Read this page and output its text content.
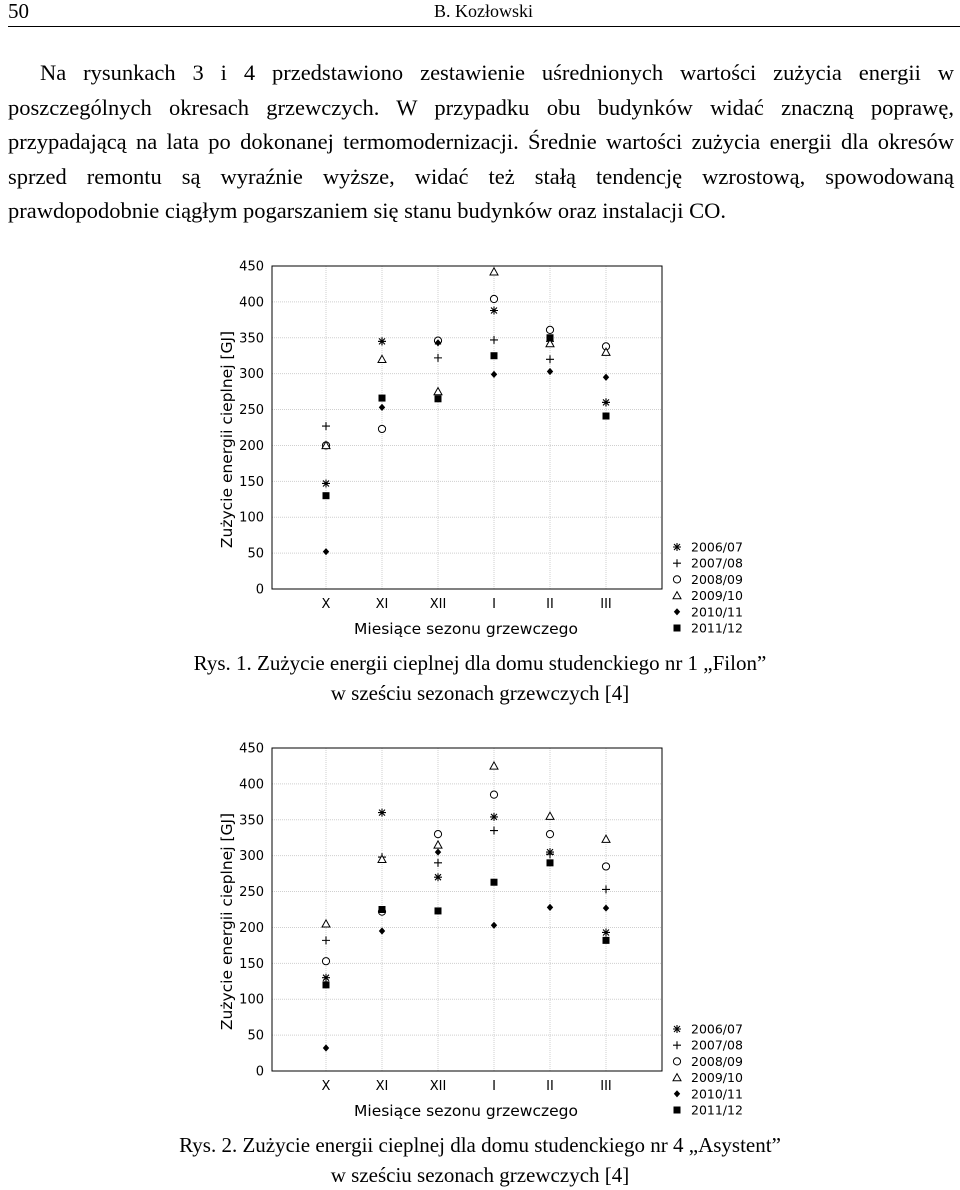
50	B. Kozłowski

Na rysunkach 3 i 4 przedstawiono zestawienie uśrednionych wartości zużycia energii w poszczególnych okresach grzewczych. W przypadku obu budynków widać znaczną poprawę, przypadającą na lata po dokonanej termomodernizacji. Średnie wartości zużycia energii dla okresów sprzed remontu są wyraźnie wyższe, widać też stałą tendencję wzrostową, spowodowaną prawdopodobnie ciągłym pogarszaniem się stanu budynków oraz instalacji CO.

0
50
100
150
200
250
300
350
400
450
X	XI	XII	I	II	III
Miesiące sezonu grzewczego
Zużycie energii cieplnej [GJ]	2006/07
2007/08
2008/09
2009/10
2010/11
2011/12
Rys. 1. Zużycie energii cieplnej dla domu studenckiego nr 1 „Filon”
w sześciu sezonach grzewczych [4]
0
50
100
150
200
250
300
350
400
450
X	XI	XII	I	II	III
Miesiące sezonu grzewczego
Zużycie energii cieplnej [GJ]	2006/07
2007/08
2008/09
2009/10
2010/11
2011/12
Rys. 2. Zużycie energii cieplnej dla domu studenckiego nr 4 „Asystent”
w sześciu sezonach grzewczych [4]
